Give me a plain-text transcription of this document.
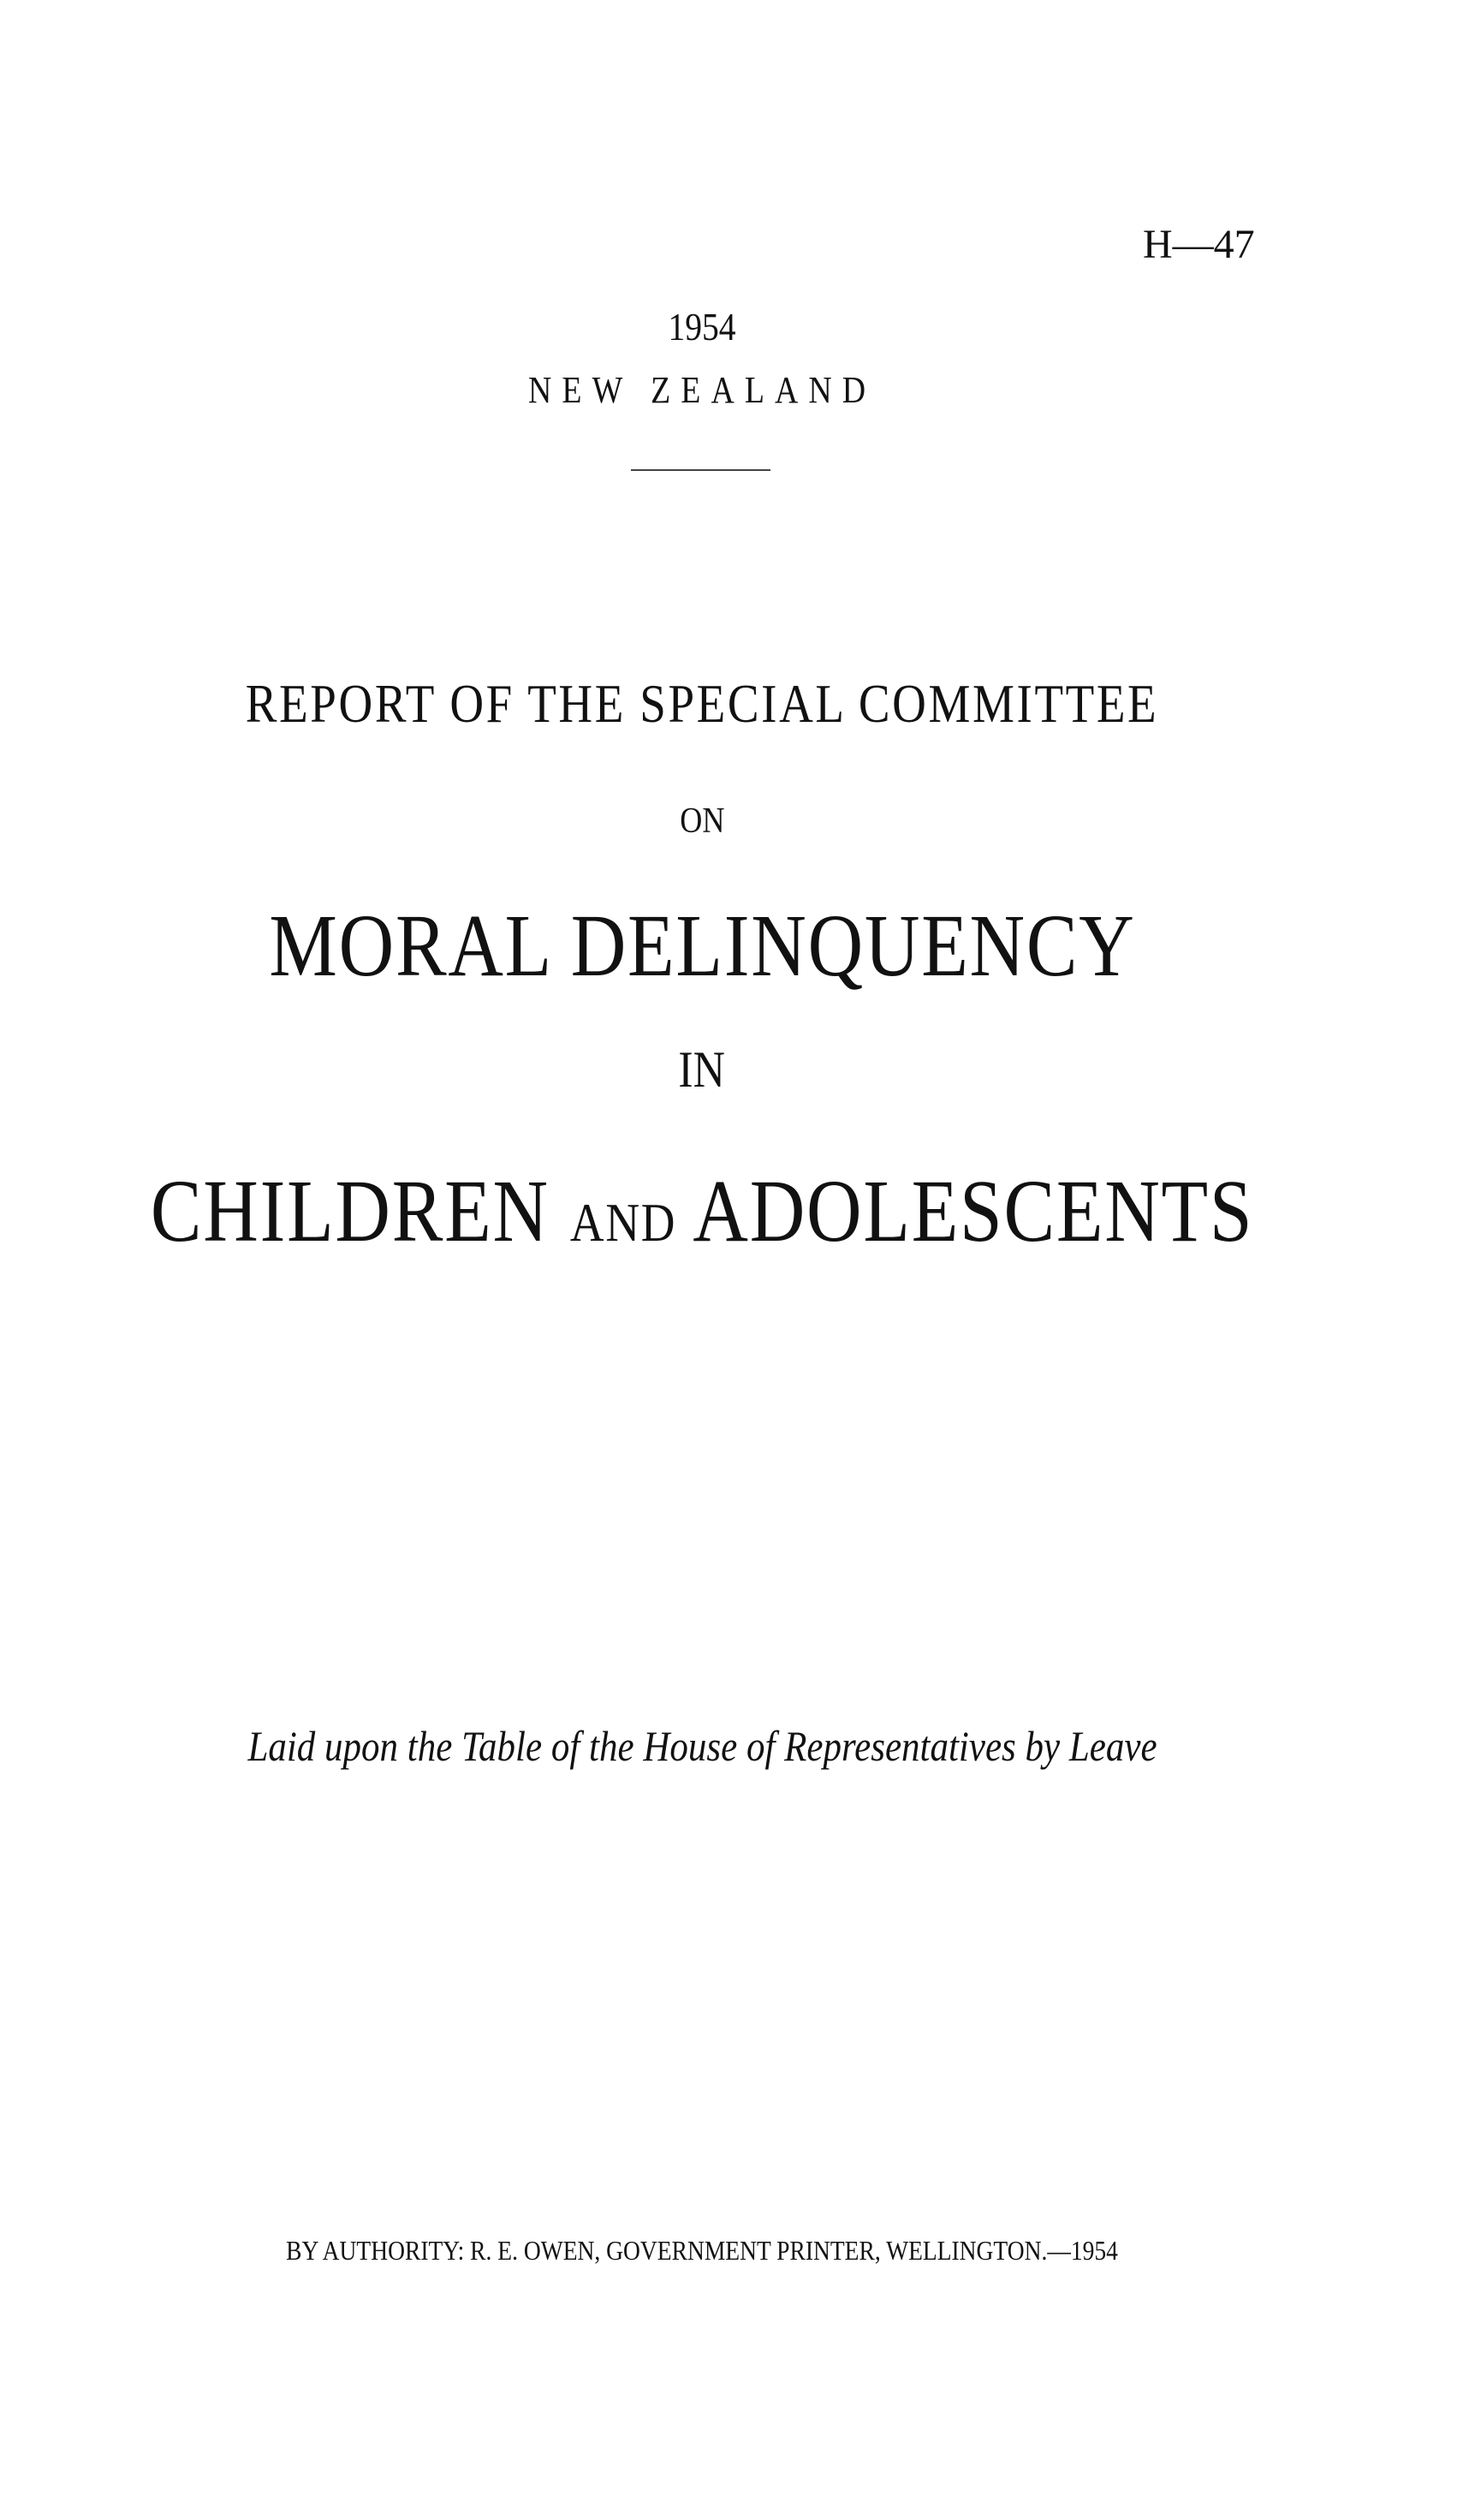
H—47
1954
NEW ZEALAND
REPORT OF THE SPECIAL COMMITTEE
ON
MORAL DELINQUENCY
IN
CHILDREN AND ADOLESCENTS
Laid upon the Table of the House of Representatives by Leave
BY AUTHORITY: R. E. OWEN, GOVERNMENT PRINTER, WELLINGTON.—1954
